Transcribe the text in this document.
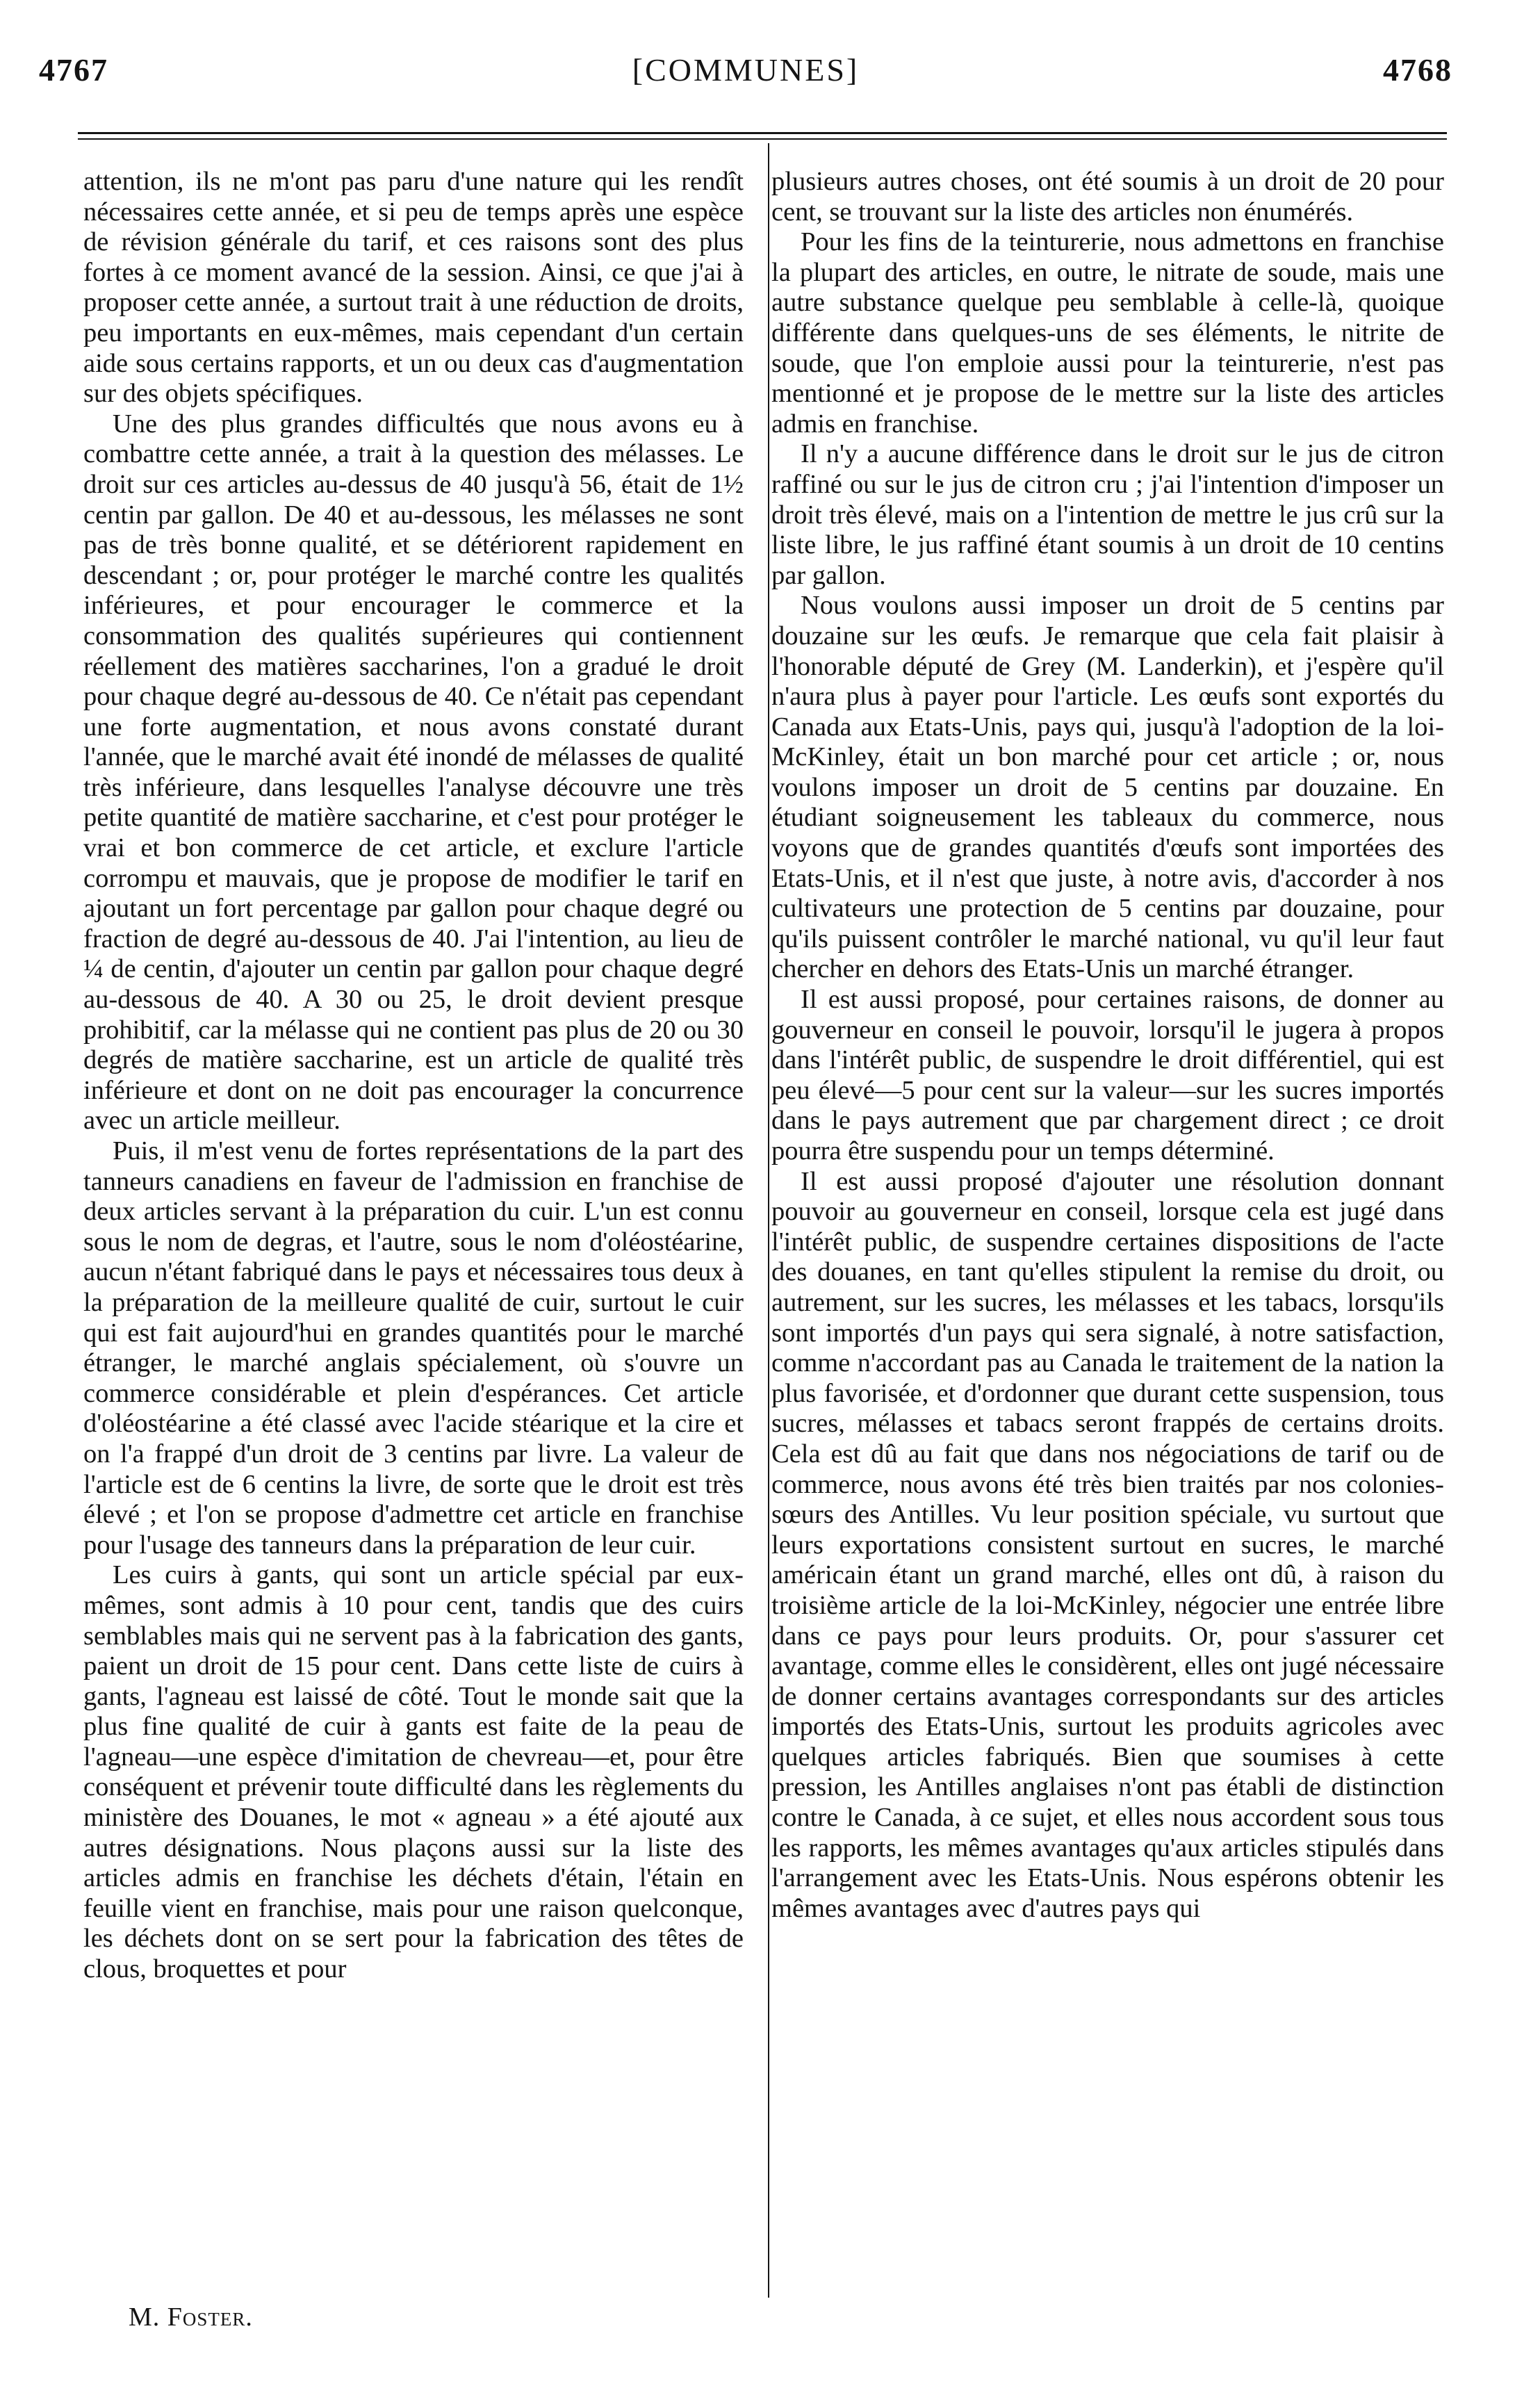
4767	[COMMUNES]	4768

attention, ils ne m'ont pas paru d'une nature qui les rendît nécessaires cette année, et si peu de temps après une espèce de révision générale du tarif, et ces raisons sont des plus fortes à ce moment avancé de la session. Ainsi, ce que j'ai à proposer cette année, a surtout trait à une réduction de droits, peu importants en eux-mêmes, mais cependant d'un certain aide sous certains rapports, et un ou deux cas d'augmentation sur des objets spécifiques.

Une des plus grandes difficultés que nous avons eu à combattre cette année, a trait à la question des mélasses. Le droit sur ces articles au-dessus de 40 jusqu'à 56, était de 1½ centin par gallon. De 40 et au-dessous, les mélasses ne sont pas de très bonne qualité, et se détériorent rapidement en descendant ; or, pour protéger le marché contre les qualités inférieures, et pour encourager le commerce et la consommation des qualités supérieures qui contiennent réellement des matières saccharines, l'on a gradué le droit pour chaque degré au-dessous de 40. Ce n'était pas cependant une forte augmentation, et nous avons constaté durant l'année, que le marché avait été inondé de mélasses de qualité très inférieure, dans lesquelles l'analyse découvre une très petite quantité de matière saccharine, et c'est pour protéger le vrai et bon commerce de cet article, et exclure l'article corrompu et mauvais, que je propose de modifier le tarif en ajoutant un fort percentage par gallon pour chaque degré ou fraction de degré au-dessous de 40. J'ai l'intention, au lieu de ¼ de centin, d'ajouter un centin par gallon pour chaque degré au-dessous de 40. A 30 ou 25, le droit devient presque prohibitif, car la mélasse qui ne contient pas plus de 20 ou 30 degrés de matière saccharine, est un article de qualité très inférieure et dont on ne doit pas encourager la concurrence avec un article meilleur.

Puis, il m'est venu de fortes représentations de la part des tanneurs canadiens en faveur de l'admission en franchise de deux articles servant à la préparation du cuir. L'un est connu sous le nom de degras, et l'autre, sous le nom d'oléostéarine, aucun n'étant fabriqué dans le pays et nécessaires tous deux à la préparation de la meilleure qualité de cuir, surtout le cuir qui est fait aujourd'hui en grandes quantités pour le marché étranger, le marché anglais spécialement, où s'ouvre un commerce considérable et plein d'espérances. Cet article d'oléostéarine a été classé avec l'acide stéarique et la cire et on l'a frappé d'un droit de 3 centins par livre. La valeur de l'article est de 6 centins la livre, de sorte que le droit est très élevé ; et l'on se propose d'admettre cet article en franchise pour l'usage des tanneurs dans la préparation de leur cuir.

Les cuirs à gants, qui sont un article spécial par eux-mêmes, sont admis à 10 pour cent, tandis que des cuirs semblables mais qui ne servent pas à la fabrication des gants, paient un droit de 15 pour cent. Dans cette liste de cuirs à gants, l'agneau est laissé de côté. Tout le monde sait que la plus fine qualité de cuir à gants est faite de la peau de l'agneau—une espèce d'imitation de chevreau—et, pour être conséquent et prévenir toute difficulté dans les règlements du ministère des Douanes, le mot « agneau » a été ajouté aux autres désignations. Nous plaçons aussi sur la liste des articles admis en franchise les déchets d'étain, l'étain en feuille vient en franchise, mais pour une raison quelconque, les déchets dont on se sert pour la fabrication des têtes de clous, broquettes et pour

plusieurs autres choses, ont été soumis à un droit de 20 pour cent, se trouvant sur la liste des articles non énumérés.

Pour les fins de la teinturerie, nous admettons en franchise la plupart des articles, en outre, le nitrate de soude, mais une autre substance quelque peu semblable à celle-là, quoique différente dans quelques-uns de ses éléments, le nitrite de soude, que l'on emploie aussi pour la teinturerie, n'est pas mentionné et je propose de le mettre sur la liste des articles admis en franchise.

Il n'y a aucune différence dans le droit sur le jus de citron raffiné ou sur le jus de citron cru ; j'ai l'intention d'imposer un droit très élevé, mais on a l'intention de mettre le jus crû sur la liste libre, le jus raffiné étant soumis à un droit de 10 centins par gallon.

Nous voulons aussi imposer un droit de 5 centins par douzaine sur les œufs. Je remarque que cela fait plaisir à l'honorable député de Grey (M. Landerkin), et j'espère qu'il n'aura plus à payer pour l'article. Les œufs sont exportés du Canada aux Etats-Unis, pays qui, jusqu'à l'adoption de la loi-McKinley, était un bon marché pour cet article ; or, nous voulons imposer un droit de 5 centins par douzaine. En étudiant soigneusement les tableaux du commerce, nous voyons que de grandes quantités d'œufs sont importées des Etats-Unis, et il n'est que juste, à notre avis, d'accorder à nos cultivateurs une protection de 5 centins par douzaine, pour qu'ils puissent contrôler le marché national, vu qu'il leur faut chercher en dehors des Etats-Unis un marché étranger.

Il est aussi proposé, pour certaines raisons, de donner au gouverneur en conseil le pouvoir, lorsqu'il le jugera à propos dans l'intérêt public, de suspendre le droit différentiel, qui est peu élevé—5 pour cent sur la valeur—sur les sucres importés dans le pays autrement que par chargement direct ; ce droit pourra être suspendu pour un temps déterminé.

Il est aussi proposé d'ajouter une résolution donnant pouvoir au gouverneur en conseil, lorsque cela est jugé dans l'intérêt public, de suspendre certaines dispositions de l'acte des douanes, en tant qu'elles stipulent la remise du droit, ou autrement, sur les sucres, les mélasses et les tabacs, lorsqu'ils sont importés d'un pays qui sera signalé, à notre satisfaction, comme n'accordant pas au Canada le traitement de la nation la plus favorisée, et d'ordonner que durant cette suspension, tous sucres, mélasses et tabacs seront frappés de certains droits. Cela est dû au fait que dans nos négociations de tarif ou de commerce, nous avons été très bien traités par nos colonies-sœurs des Antilles. Vu leur position spéciale, vu surtout que leurs exportations consistent surtout en sucres, le marché américain étant un grand marché, elles ont dû, à raison du troisième article de la loi-McKinley, négocier une entrée libre dans ce pays pour leurs produits. Or, pour s'assurer cet avantage, comme elles le considèrent, elles ont jugé nécessaire de donner certains avantages correspondants sur des articles importés des Etats-Unis, surtout les produits agricoles avec quelques articles fabriqués. Bien que soumises à cette pression, les Antilles anglaises n'ont pas établi de distinction contre le Canada, à ce sujet, et elles nous accordent sous tous les rapports, les mêmes avantages qu'aux articles stipulés dans l'arrangement avec les Etats-Unis. Nous espérons obtenir les mêmes avantages avec d'autres pays qui

M. Foster.
